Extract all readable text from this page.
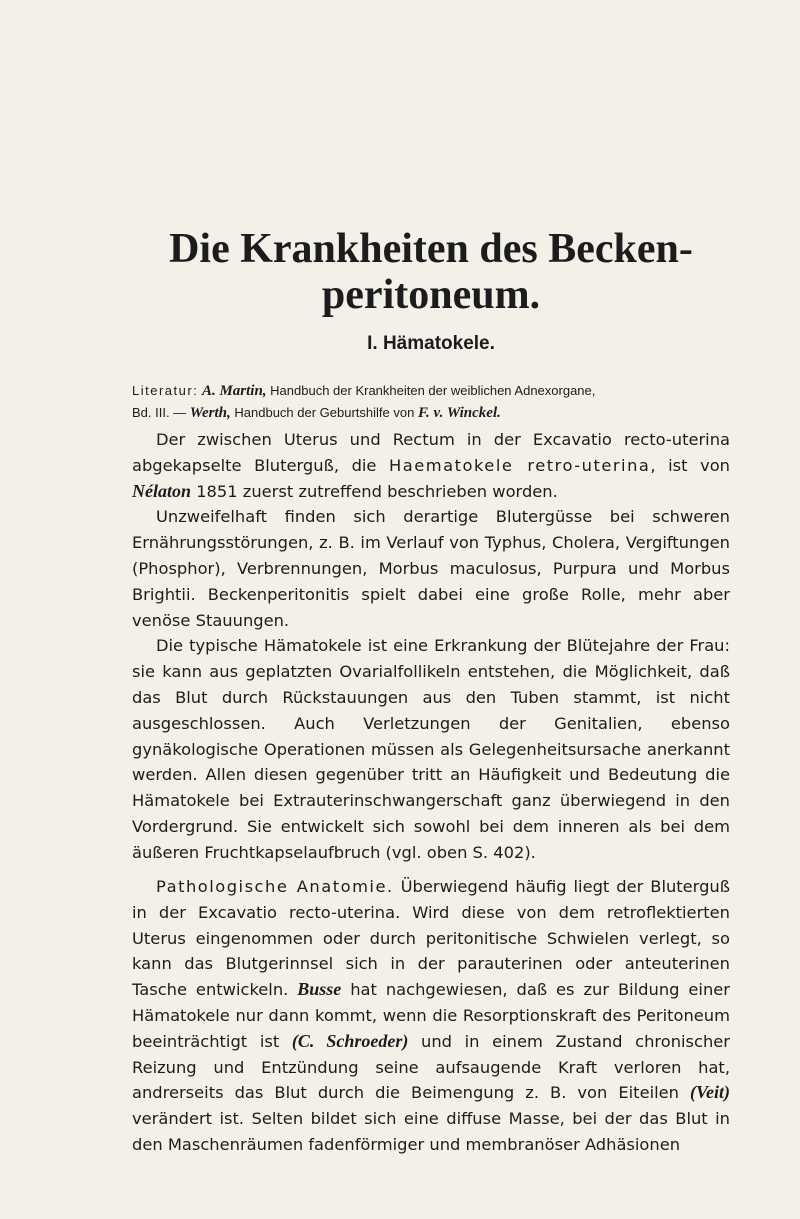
Die Krankheiten des Becken-
peritoneum.
I. Hämatokele.
Literatur: A. Martin, Handbuch der Krankheiten der weiblichen Adnexorgane,
Bd. III. — Werth, Handbuch der Geburtshilfe von F. v. Winckel.

Der zwischen Uterus und Rectum in der Excavatio recto-uterina abgekapselte Bluterguß, die Haematokele retro-uterina, ist von Nélaton 1851 zuerst zutreffend beschrieben worden.

Unzweifelhaft finden sich derartige Blutergüsse bei schweren Ernährungsstörungen, z. B. im Verlauf von Typhus, Cholera, Vergiftungen (Phosphor), Verbrennungen, Morbus maculosus, Purpura und Morbus Brightii. Beckenperitonitis spielt dabei eine große Rolle, mehr aber venöse Stauungen.

Die typische Hämatokele ist eine Erkrankung der Blütejahre der Frau: sie kann aus geplatzten Ovarialfollikeln entstehen, die Möglichkeit, daß das Blut durch Rückstauungen aus den Tuben stammt, ist nicht ausgeschlossen. Auch Verletzungen der Genitalien, ebenso gynäkologische Operationen müssen als Gelegenheitsursache anerkannt werden. Allen diesen gegenüber tritt an Häufigkeit und Bedeutung die Hämatokele bei Extrauterinschwangerschaft ganz überwiegend in den Vordergrund. Sie entwickelt sich sowohl bei dem inneren als bei dem äußeren Fruchtkapselaufbruch (vgl. oben S. 402).

Pathologische Anatomie. Überwiegend häufig liegt der Bluterguß in der Excavatio recto-uterina. Wird diese von dem retroflektierten Uterus eingenommen oder durch peritonitische Schwielen verlegt, so kann das Blutgerinnsel sich in der parauterinen oder anteuterinen Tasche entwickeln. Busse hat nachgewiesen, daß es zur Bildung einer Hämatokele nur dann kommt, wenn die Resorptionskraft des Peritoneum beeinträchtigt ist (C. Schroeder) und in einem Zustand chronischer Reizung und Entzündung seine aufsaugende Kraft verloren hat, andrerseits das Blut durch die Beimengung z. B. von Eiteilen (Veit) verändert ist. Selten bildet sich eine diffuse Masse, bei der das Blut in den Maschenräumen fadenförmiger und membranöser Adhäsionen
